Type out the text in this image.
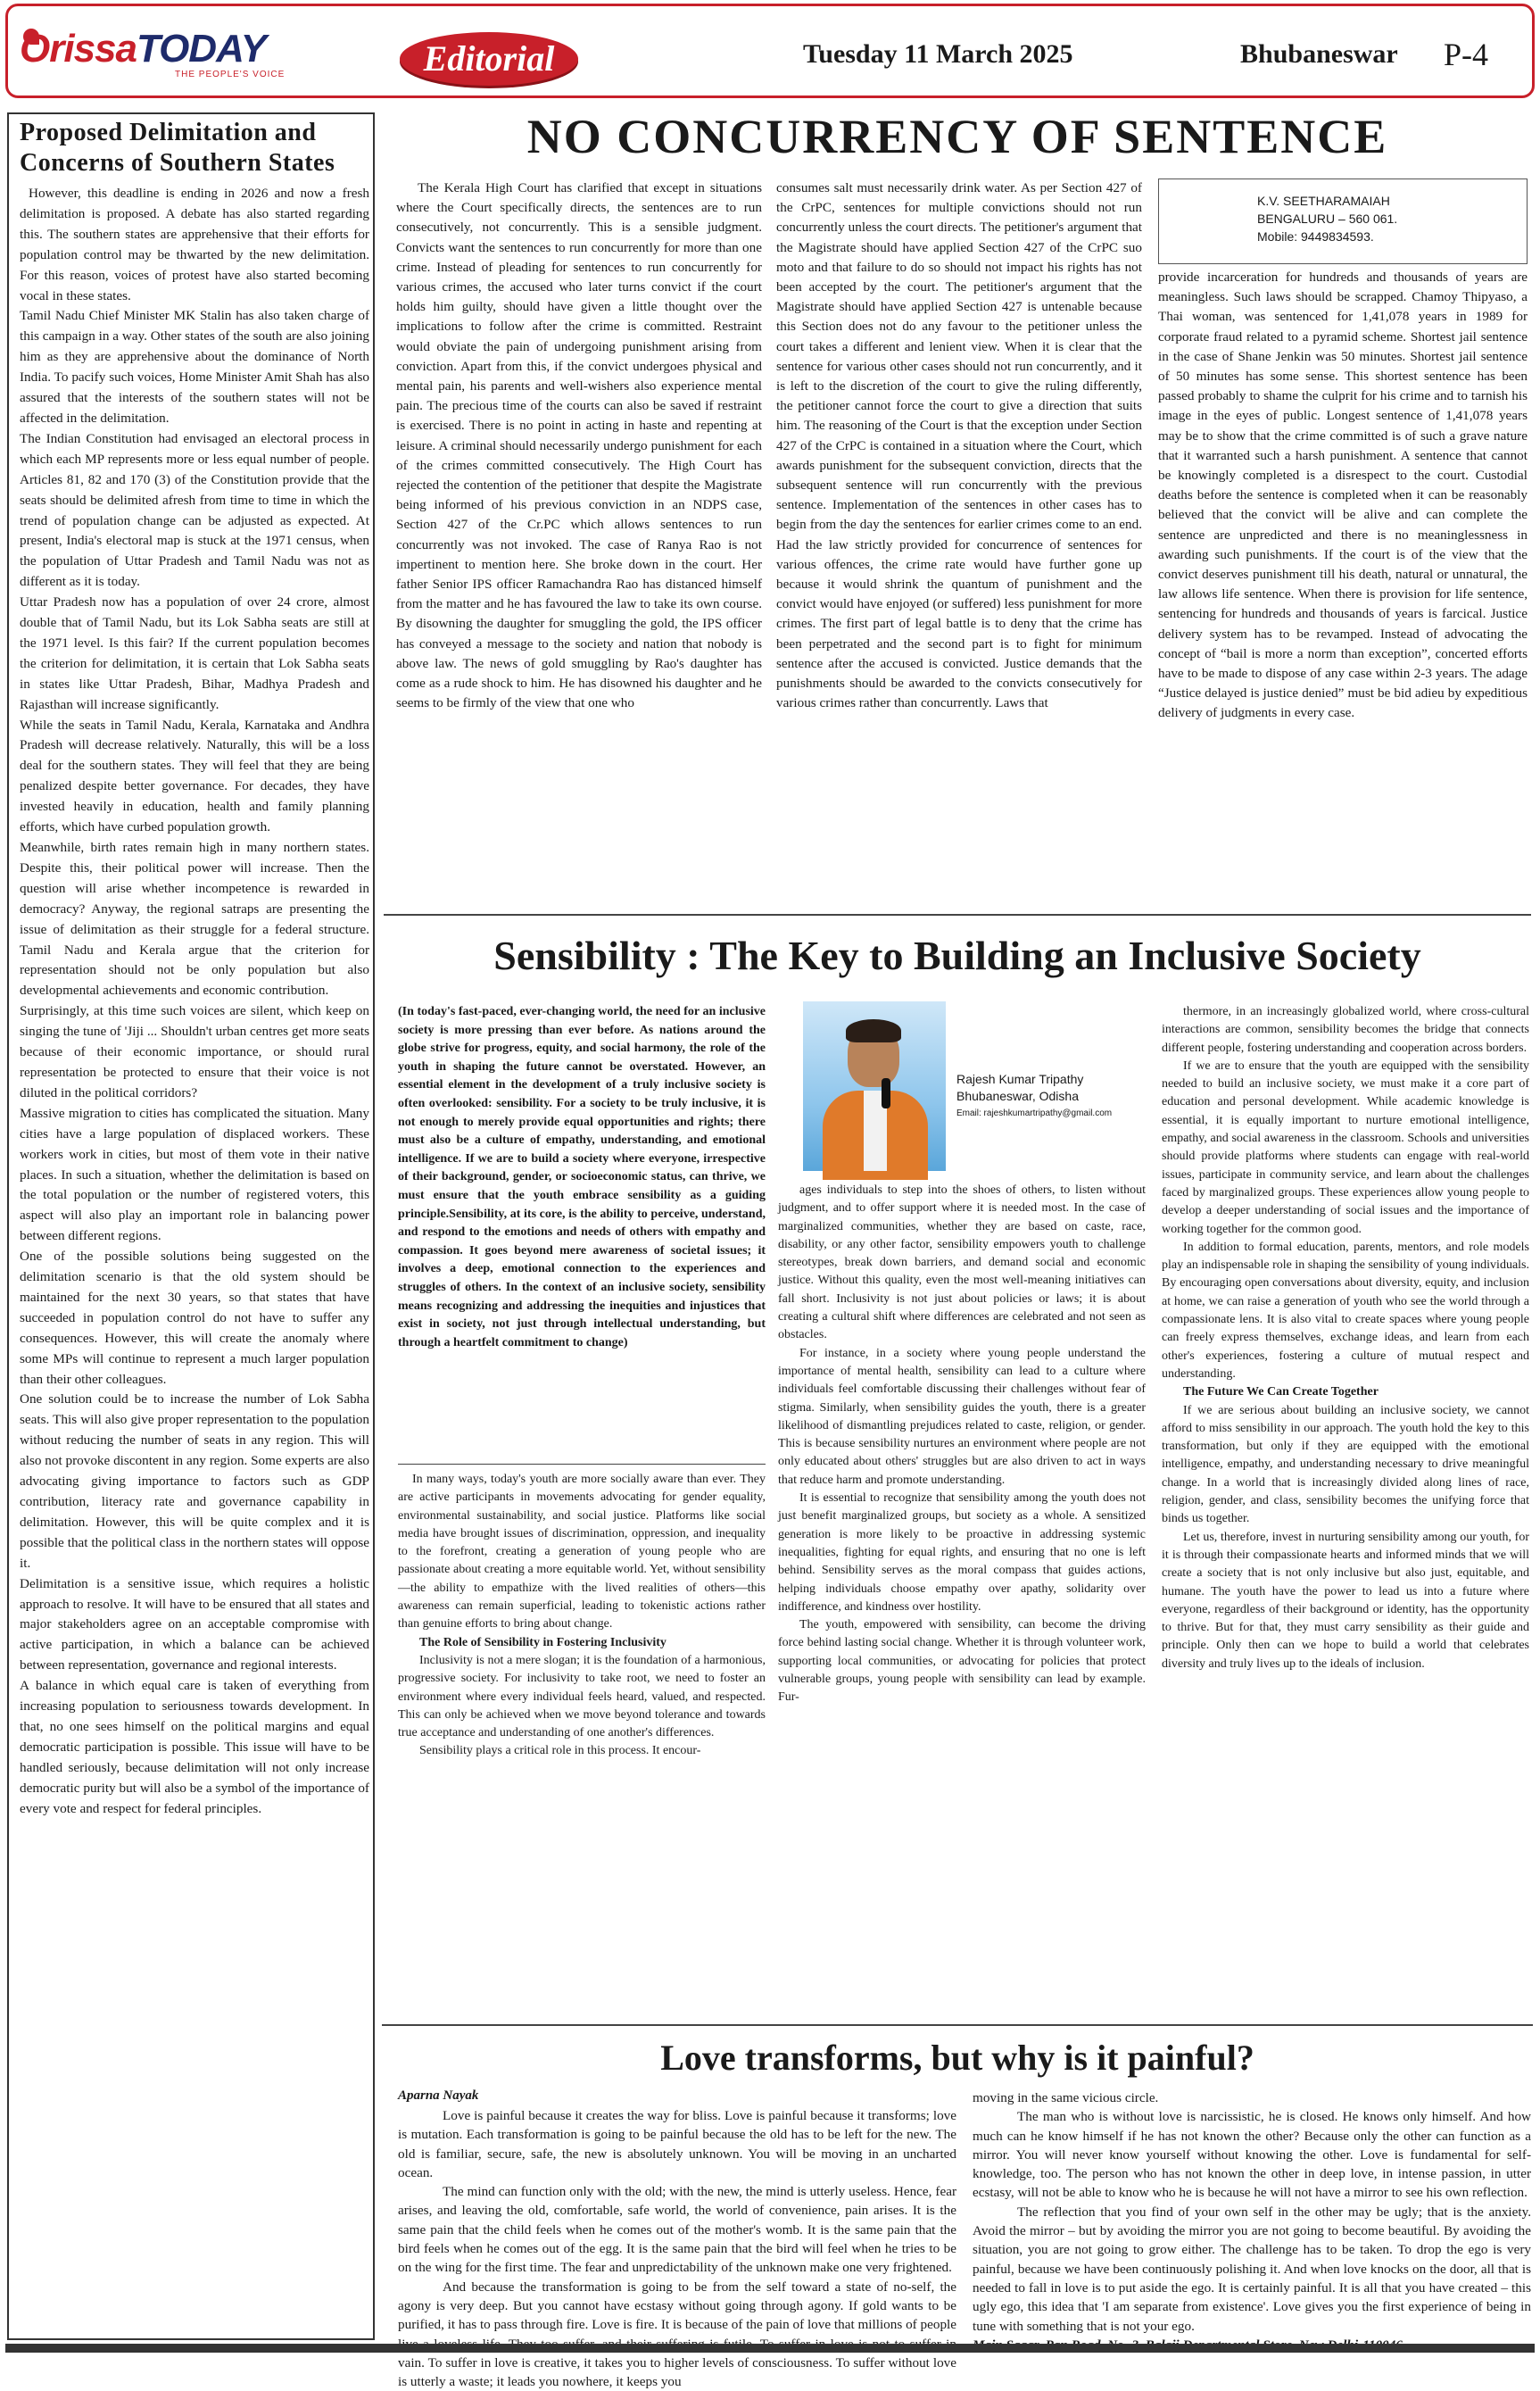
OrissaTODAY
THE PEOPLE'S VOICE	Editorial	Tuesday 11 March 2025	Bhubaneswar P-4
Proposed Delimitation and Concerns of Southern States

However, this deadline is ending in 2026 and now a fresh delimitation is proposed. A debate has also started regarding this. The southern states are apprehensive that their efforts for population control may be thwarted by the new delimitation. For this reason, voices of protest have also started becoming vocal in these states.

Tamil Nadu Chief Minister MK Stalin has also taken charge of this campaign in a way. Other states of the south are also joining him as they are apprehensive about the dominance of North India. To pacify such voices, Home Minister Amit Shah has also assured that the interests of the southern states will not be affected in the delimitation.

The Indian Constitution had envisaged an electoral process in which each MP represents more or less equal number of people. Articles 81, 82 and 170 (3) of the Constitution provide that the seats should be delimited afresh from time to time in which the trend of population change can be adjusted as expected. At present, India's electoral map is stuck at the 1971 census, when the population of Uttar Pradesh and Tamil Nadu was not as different as it is today.

Uttar Pradesh now has a population of over 24 crore, almost double that of Tamil Nadu, but its Lok Sabha seats are still at the 1971 level. Is this fair? If the current population becomes the criterion for delimitation, it is certain that Lok Sabha seats in states like Uttar Pradesh, Bihar, Madhya Pradesh and Rajasthan will increase significantly.

While the seats in Tamil Nadu, Kerala, Karnataka and Andhra Pradesh will decrease relatively. Naturally, this will be a loss deal for the southern states. They will feel that they are being penalized despite better governance. For decades, they have invested heavily in education, health and family planning efforts, which have curbed population growth.

Meanwhile, birth rates remain high in many northern states. Despite this, their political power will increase. Then the question will arise whether incompetence is rewarded in democracy? Anyway, the regional satraps are presenting the issue of delimitation as their struggle for a federal structure. Tamil Nadu and Kerala argue that the criterion for representation should not be only population but also developmental achievements and economic contribution.

Surprisingly, at this time such voices are silent, which keep on singing the tune of 'Jiji ... Shouldn't urban centres get more seats because of their economic importance, or should rural representation be protected to ensure that their voice is not diluted in the political corridors?

Massive migration to cities has complicated the situation. Many cities have a large population of displaced workers. These workers work in cities, but most of them vote in their native places. In such a situation, whether the delimitation is based on the total population or the number of registered voters, this aspect will also play an important role in balancing power between different regions.

One of the possible solutions being suggested on the delimitation scenario is that the old system should be maintained for the next 30 years, so that states that have succeeded in population control do not have to suffer any consequences. However, this will create the anomaly where some MPs will continue to represent a much larger population than their other colleagues.

One solution could be to increase the number of Lok Sabha seats. This will also give proper representation to the population without reducing the number of seats in any region. This will also not provoke discontent in any region. Some experts are also advocating giving importance to factors such as GDP contribution, literacy rate and governance capability in delimitation. However, this will be quite complex and it is possible that the political class in the northern states will oppose it.

Delimitation is a sensitive issue, which requires a holistic approach to resolve. It will have to be ensured that all states and major stakeholders agree on an acceptable compromise with active participation, in which a balance can be achieved between representation, governance and regional interests.

A balance in which equal care is taken of everything from increasing population to seriousness towards development. In that, no one sees himself on the political margins and equal democratic participation is possible. This issue will have to be handled seriously, because delimitation will not only increase democratic purity but will also be a symbol of the importance of every vote and respect for federal principles.

NO CONCURRENCY OF SENTENCE

The Kerala High Court has clarified that except in situations where the Court specifically directs, the sentences are to run consecutively, not concurrently. This is a sensible judgment. Convicts want the sentences to run concurrently for more than one crime. Instead of pleading for sentences to run concurrently for various crimes, the accused who later turns convict if the court holds him guilty, should have given a little thought over the implications to follow after the crime is committed. Restraint would obviate the pain of undergoing punishment arising from conviction. Apart from this, if the convict undergoes physical and mental pain, his parents and well-wishers also experience mental pain. The precious time of the courts can also be saved if restraint is exercised. There is no point in acting in haste and repenting at leisure. A criminal should necessarily undergo punishment for each of the crimes committed consecutively. The High Court has rejected the contention of the petitioner that despite the Magistrate being informed of his previous conviction in an NDPS case, Section 427 of the Cr.PC which allows sentences to run concurrently was not invoked. The case of Ranya Rao is not impertinent to mention here. She broke down in the court. Her father Senior IPS officer Ramachandra Rao has distanced himself from the matter and he has favoured the law to take its own course. By disowning the daughter for smuggling the gold, the IPS officer has conveyed a message to the society and nation that nobody is above law. The news of gold smuggling by Rao's daughter has come as a rude shock to him. He has disowned his daughter and he seems to be firmly of the view that one who

consumes salt must necessarily drink water. As per Section 427 of the CrPC, sentences for multiple convictions should not run concurrently unless the court directs. The petitioner's argument that the Magistrate should have applied Section 427 of the CrPC suo moto and that failure to do so should not impact his rights has not been accepted by the court. The petitioner's argument that the Magistrate should have applied Section 427 is untenable because this Section does not do any favour to the petitioner unless the court takes a different and lenient view. When it is clear that the sentence for various other cases should not run concurrently, and it is left to the discretion of the court to give the ruling differently, the petitioner cannot force the court to give a direction that suits him. The reasoning of the Court is that the exception under Section 427 of the CrPC is contained in a situation where the Court, which awards punishment for the subsequent conviction, directs that the subsequent sentence will run concurrently with the previous sentence. Implementation of the sentences in other cases has to begin from the day the sentences for earlier crimes come to an end. Had the law strictly provided for concurrence of sentences for various offences, the crime rate would have further gone up because it would shrink the quantum of punishment and the convict would have enjoyed (or suffered) less punishment for more crimes. The first part of legal battle is to deny that the crime has been perpetrated and the second part is to fight for minimum sentence after the accused is convicted. Justice demands that the punishments should be awarded to the convicts consecutively for various crimes rather than concurrently. Laws that

K.V. SEETHARAMAIAH
BENGALURU – 560 061.
Mobile: 9449834593.

provide incarceration for hundreds and thousands of years are meaningless. Such laws should be scrapped. Chamoy Thipyaso, a Thai woman, was sentenced for 1,41,078 years in 1989 for corporate fraud related to a pyramid scheme. Shortest jail sentence in the case of Shane Jenkin was 50 minutes. Shortest jail sentence of 50 minutes has some sense. This shortest sentence has been passed probably to shame the culprit for his crime and to tarnish his image in the eyes of public. Longest sentence of 1,41,078 years may be to show that the crime committed is of such a grave nature that it warranted such a harsh punishment. A sentence that cannot be knowingly completed is a disrespect to the court. Custodial deaths before the sentence is completed when it can be reasonably believed that the convict will be alive and can complete the sentence are unpredicted and there is no meaninglessness in awarding such punishments. If the court is of the view that the convict deserves punishment till his death, natural or unnatural, the law allows life sentence. When there is provision for life sentence, sentencing for hundreds and thousands of years is farcical. Justice delivery system has to be revamped. Instead of advocating the concept of “bail is more a norm than exception”, concerted efforts have to be made to dispose of any case within 2-3 years. The adage “Justice delayed is justice denied” must be bid adieu by expeditious delivery of judgments in every case.

Sensibility : The Key to Building an Inclusive Society
(In today's fast-paced, ever-changing world, the need for an inclusive society is more pressing than ever before. As nations around the globe strive for progress, equity, and social harmony, the role of the youth in shaping the future cannot be overstated. However, an essential element in the development of a truly inclusive society is often overlooked: sensibility. For a society to be truly inclusive, it is not enough to merely provide equal opportunities and rights; there must also be a culture of empathy, understanding, and emotional intelligence. If we are to build a society where everyone, irrespective of their background, gender, or socioeconomic status, can thrive, we must ensure that the youth embrace sensibility as a guiding principle.Sensibility, at its core, is the ability to perceive, understand, and respond to the emotions and needs of others with empathy and compassion. It goes beyond mere awareness of societal issues; it involves a deep, emotional connection to the experiences and struggles of others. In the context of an inclusive society, sensibility means recognizing and addressing the inequities and injustices that exist in society, not just through intellectual understanding, but through a heartfelt commitment to change)
Rajesh Kumar Tripathy
Bhubaneswar, Odisha
Email: rajeshkumartripathy@gmail.com

In many ways, today's youth are more socially aware than ever. They are active participants in movements advocating for gender equality, environmental sustainability, and social justice. Platforms like social media have brought issues of discrimination, oppression, and inequality to the forefront, creating a generation of young people who are passionate about creating a more equitable world. Yet, without sensibility—the ability to empathize with the lived realities of others—this awareness can remain superficial, leading to tokenistic actions rather than genuine efforts to bring about change.

The Role of Sensibility in Fostering Inclusivity

Inclusivity is not a mere slogan; it is the foundation of a harmonious, progressive society. For inclusivity to take root, we need to foster an environment where every individual feels heard, valued, and respected. This can only be achieved when we move beyond tolerance and towards true acceptance and understanding of one another's differences.

Sensibility plays a critical role in this process. It encour-

ages individuals to step into the shoes of others, to listen without judgment, and to offer support where it is needed most. In the case of marginalized communities, whether they are based on caste, race, disability, or any other factor, sensibility empowers youth to challenge stereotypes, break down barriers, and demand social and economic justice. Without this quality, even the most well-meaning initiatives can fall short. Inclusivity is not just about policies or laws; it is about creating a cultural shift where differences are celebrated and not seen as obstacles.

For instance, in a society where young people understand the importance of mental health, sensibility can lead to a culture where individuals feel comfortable discussing their challenges without fear of stigma. Similarly, when sensibility guides the youth, there is a greater likelihood of dismantling prejudices related to caste, religion, or gender. This is because sensibility nurtures an environment where people are not only educated about others' struggles but are also driven to act in ways that reduce harm and promote understanding.

It is essential to recognize that sensibility among the youth does not just benefit marginalized groups, but society as a whole. A sensitized generation is more likely to be proactive in addressing systemic inequalities, fighting for equal rights, and ensuring that no one is left behind. Sensibility serves as the moral compass that guides actions, helping individuals choose empathy over apathy, solidarity over indifference, and kindness over hostility.

The youth, empowered with sensibility, can become the driving force behind lasting social change. Whether it is through volunteer work, supporting local communities, or advocating for policies that protect vulnerable groups, young people with sensibility can lead by example. Fur-

thermore, in an increasingly globalized world, where cross-cultural interactions are common, sensibility becomes the bridge that connects different people, fostering understanding and cooperation across borders.

If we are to ensure that the youth are equipped with the sensibility needed to build an inclusive society, we must make it a core part of education and personal development. While academic knowledge is essential, it is equally important to nurture emotional intelligence, empathy, and social awareness in the classroom. Schools and universities should provide platforms where students can engage with real-world issues, participate in community service, and learn about the challenges faced by marginalized groups. These experiences allow young people to develop a deeper understanding of social issues and the importance of working together for the common good.

In addition to formal education, parents, mentors, and role models play an indispensable role in shaping the sensibility of young individuals. By encouraging open conversations about diversity, equity, and inclusion at home, we can raise a generation of youth who see the world through a compassionate lens. It is also vital to create spaces where young people can freely express themselves, exchange ideas, and learn from each other's experiences, fostering a culture of mutual respect and understanding.

The Future We Can Create Together

If we are serious about building an inclusive society, we cannot afford to miss sensibility in our approach. The youth hold the key to this transformation, but only if they are equipped with the emotional intelligence, empathy, and understanding necessary to drive meaningful change. In a world that is increasingly divided along lines of race, religion, gender, and class, sensibility becomes the unifying force that binds us together.

Let us, therefore, invest in nurturing sensibility among our youth, for it is through their compassionate hearts and informed minds that we will create a society that is not only inclusive but also just, equitable, and humane. The youth have the power to lead us into a future where everyone, regardless of their background or identity, has the opportunity to thrive. But for that, they must carry sensibility as their guide and principle. Only then can we hope to build a world that celebrates diversity and truly lives up to the ideals of inclusion.

Love transforms, but why is it painful?
Aparna Nayak

Love is painful because it creates the way for bliss. Love is painful because it transforms; love is mutation. Each transformation is going to be painful because the old has to be left for the new. The old is familiar, secure, safe, the new is absolutely unknown. You will be moving in an uncharted ocean.

The mind can function only with the old; with the new, the mind is utterly useless. Hence, fear arises, and leaving the old, comfortable, safe world, the world of convenience, pain arises. It is the same pain that the child feels when he comes out of the mother's womb. It is the same pain that the bird feels when he comes out of the egg. It is the same pain that the bird will feel when he tries to be on the wing for the first time. The fear and unpredictability of the unknown make one very frightened.

And because the transformation is going to be from the self toward a state of no-self, the agony is very deep. But you cannot have ecstasy without going through agony. If gold wants to be purified, it has to pass through fire. Love is fire. It is because of the pain of love that millions of people vain. To suffer in love is creative, it takes you to higher levels of consciousness. To suffer without love is utterly a waste; it leads you nowhere, it keeps you

moving in the same vicious circle.

The man who is without love is narcissistic, he is closed. He knows only himself. And how much can he know himself if he has not known the other? Because only the other can function as a mirror. You will never know yourself without knowing the other. Love is fundamental for self-knowledge, too. The person who has not known the other in deep love, in intense passion, in utter ecstasy, will not be able to know who he is because he will not have a mirror to see his own reflection.

The reflection that you find of your own self in the other may be ugly; that is the anxiety. Avoid the mirror – but by avoiding the mirror you are not going to become beautiful. By avoiding the situation, you are not going to grow either. The challenge has to be taken. To drop the ego is very painful, because we have been continuously polishing it. And when love knocks on the door, all that is needed to fall in love is to put aside the ego. It is certainly painful. It is all that you have created – this ugly ego, this idea that 'I am separate from existence'. Love gives you the first experience of being in tune with something that is not your ego.
